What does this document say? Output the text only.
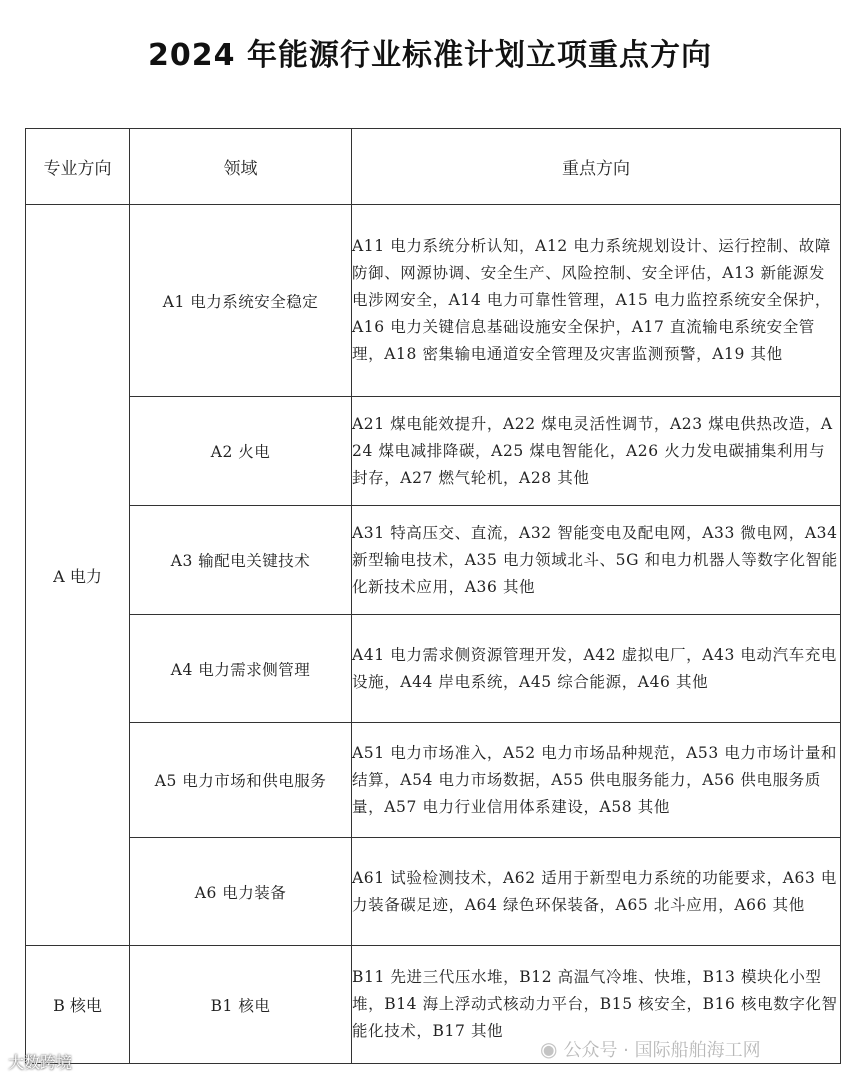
2024 年能源行业标准计划立项重点方向
专业方向	领域	重点方向
A 电力	A1 电力系统安全稳定	A11 电力系统分析认知，A12 电力系统规划设计、运行控制、故障防御、网源协调、安全生产、风险控制、安全评估，A13 新能源发电涉网安全，A14 电力可靠性管理，A15 电力监控系统安全保护，A16 电力关键信息基础设施安全保护，A17 直流输电系统安全管理，A18 密集输电通道安全管理及灾害监测预警，A19 其他
	A2 火电	A21 煤电能效提升，A22 煤电灵活性调节，A23 煤电供热改造，A24 煤电减排降碳，A25 煤电智能化，A26 火力发电碳捕集利用与封存，A27 燃气轮机，A28 其他
	A3 输配电关键技术	A31 特高压交、直流，A32 智能变电及配电网，A33 微电网，A34 新型输电技术，A35 电力领域北斗、5G 和电力机器人等数字化智能化新技术应用，A36 其他
	A4 电力需求侧管理	A41 电力需求侧资源管理开发，A42 虚拟电厂，A43 电动汽车充电设施，A44 岸电系统，A45 综合能源，A46 其他
	A5 电力市场和供电服务	A51 电力市场准入，A52 电力市场品种规范，A53 电力市场计量和结算，A54 电力市场数据，A55 供电服务能力，A56 供电服务质量，A57 电力行业信用体系建设，A58 其他
	A6 电力装备	A61 试验检测技术，A62 适用于新型电力系统的功能要求，A63 电力装备碳足迹，A64 绿色环保装备，A65 北斗应用，A66 其他
B 核电	B1 核电	B11 先进三代压水堆，B12 高温气冷堆、快堆，B13 模块化小型堆，B14 海上浮动式核动力平台，B15 核安全，B16 核电数字化智能化技术，B17 其他
大数跨境
◉ 公众号 · 国际船舶海工网
